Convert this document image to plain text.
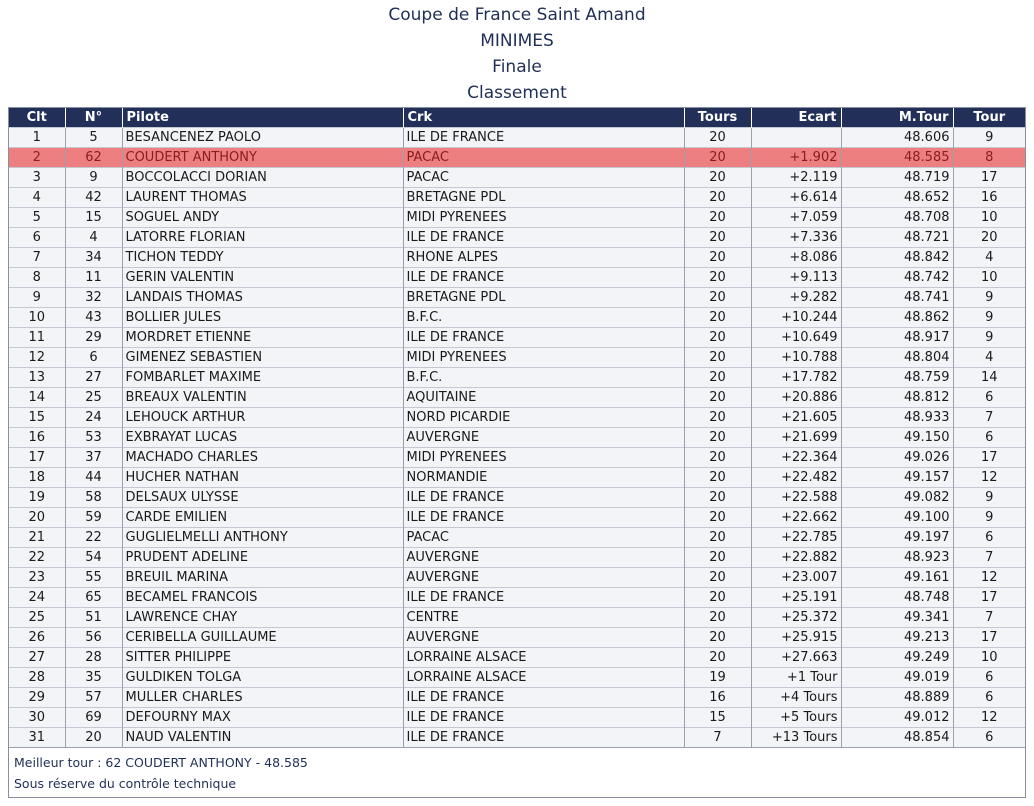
Coupe de France Saint Amand
MINIMES
Finale
Classement
Clt	N°	Pilote	Crk	Tours	Ecart	M.Tour	Tour
1	5	BESANCENEZ PAOLO	ILE DE FRANCE	20		48.606	9
2	62	COUDERT ANTHONY	PACAC	20	+1.902	48.585	8
3	9	BOCCOLACCI DORIAN	PACAC	20	+2.119	48.719	17
4	42	LAURENT THOMAS	BRETAGNE PDL	20	+6.614	48.652	16
5	15	SOGUEL ANDY	MIDI PYRENEES	20	+7.059	48.708	10
6	4	LATORRE FLORIAN	ILE DE FRANCE	20	+7.336	48.721	20
7	34	TICHON TEDDY	RHONE ALPES	20	+8.086	48.842	4
8	11	GERIN VALENTIN	ILE DE FRANCE	20	+9.113	48.742	10
9	32	LANDAIS THOMAS	BRETAGNE PDL	20	+9.282	48.741	9
10	43	BOLLIER JULES	B.F.C.	20	+10.244	48.862	9
11	29	MORDRET ETIENNE	ILE DE FRANCE	20	+10.649	48.917	9
12	6	GIMENEZ SEBASTIEN	MIDI PYRENEES	20	+10.788	48.804	4
13	27	FOMBARLET MAXIME	B.F.C.	20	+17.782	48.759	14
14	25	BREAUX VALENTIN	AQUITAINE	20	+20.886	48.812	6
15	24	LEHOUCK ARTHUR	NORD PICARDIE	20	+21.605	48.933	7
16	53	EXBRAYAT LUCAS	AUVERGNE	20	+21.699	49.150	6
17	37	MACHADO CHARLES	MIDI PYRENEES	20	+22.364	49.026	17
18	44	HUCHER NATHAN	NORMANDIE	20	+22.482	49.157	12
19	58	DELSAUX ULYSSE	ILE DE FRANCE	20	+22.588	49.082	9
20	59	CARDE EMILIEN	ILE DE FRANCE	20	+22.662	49.100	9
21	22	GUGLIELMELLI ANTHONY	PACAC	20	+22.785	49.197	6
22	54	PRUDENT ADELINE	AUVERGNE	20	+22.882	48.923	7
23	55	BREUIL MARINA	AUVERGNE	20	+23.007	49.161	12
24	65	BECAMEL FRANCOIS	ILE DE FRANCE	20	+25.191	48.748	17
25	51	LAWRENCE CHAY	CENTRE	20	+25.372	49.341	7
26	56	CERIBELLA GUILLAUME	AUVERGNE	20	+25.915	49.213	17
27	28	SITTER PHILIPPE	LORRAINE ALSACE	20	+27.663	49.249	10
28	35	GULDIKEN TOLGA	LORRAINE ALSACE	19	+1 Tour	49.019	6
29	57	MULLER CHARLES	ILE DE FRANCE	16	+4 Tours	48.889	6
30	69	DEFOURNY MAX	ILE DE FRANCE	15	+5 Tours	49.012	12
31	20	NAUD VALENTIN	ILE DE FRANCE	7	+13 Tours	48.854	6
Meilleur tour : 62 COUDERT ANTHONY - 48.585
Sous réserve du contrôle technique
